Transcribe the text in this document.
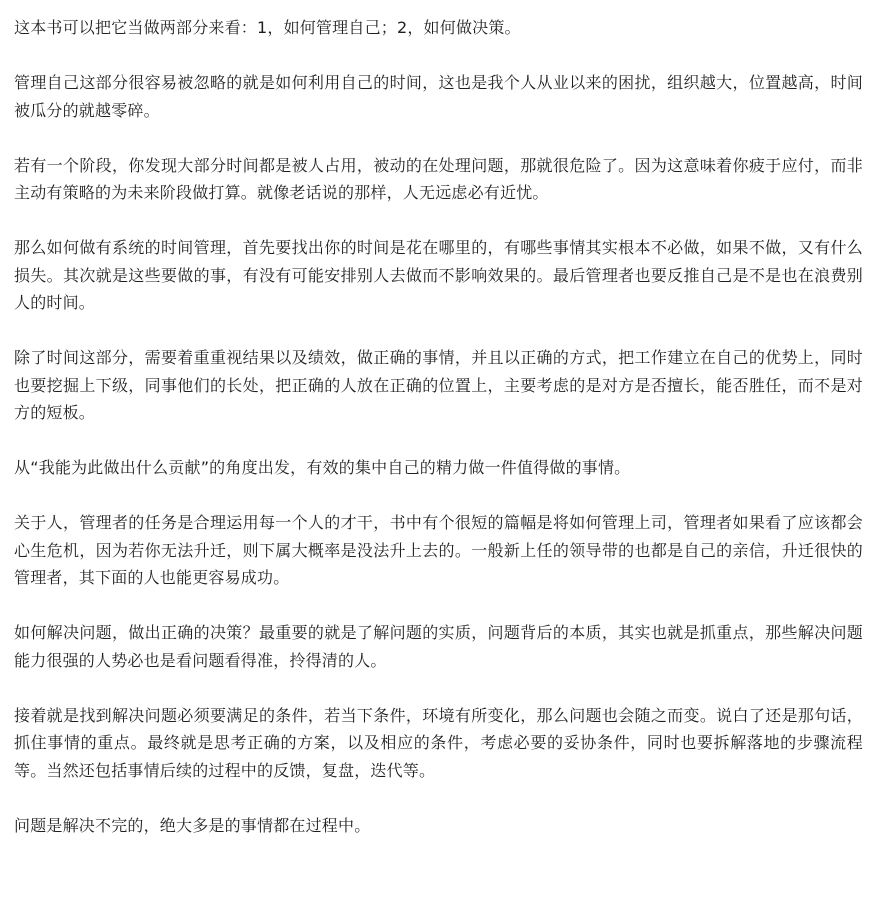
这本书可以把它当做两部分来看：1，如何管理自己；2，如何做决策。

管理自己这部分很容易被忽略的就是如何利用自己的时间，这也是我个人从业以来的困扰，组织越大，位置越高，时间被瓜分的就越零碎。

若有一个阶段，你发现大部分时间都是被人占用，被动的在处理问题，那就很危险了。因为这意味着你疲于应付，而非主动有策略的为未来阶段做打算。就像老话说的那样，人无远虑必有近忧。

那么如何做有系统的时间管理，首先要找出你的时间是花在哪里的，有哪些事情其实根本不必做，如果不做，又有什么损失。其次就是这些要做的事，有没有可能安排别人去做而不影响效果的。最后管理者也要反推自己是不是也在浪费别人的时间。

除了时间这部分，需要着重重视结果以及绩效，做正确的事情，并且以正确的方式，把工作建立在自己的优势上，同时也要挖掘上下级，同事他们的长处，把正确的人放在正确的位置上，主要考虑的是对方是否擅长，能否胜任，而不是对方的短板。

从“我能为此做出什么贡献”的角度出发，有效的集中自己的精力做一件值得做的事情。

关于人，管理者的任务是合理运用每一个人的才干，书中有个很短的篇幅是将如何管理上司，管理者如果看了应该都会心生危机，因为若你无法升迁，则下属大概率是没法升上去的。一般新上任的领导带的也都是自己的亲信，升迁很快的管理者，其下面的人也能更容易成功。

如何解决问题，做出正确的决策？最重要的就是了解问题的实质，问题背后的本质，其实也就是抓重点，那些解决问题能力很强的人势必也是看问题看得准，拎得清的人。

接着就是找到解决问题必须要满足的条件，若当下条件，环境有所变化，那么问题也会随之而变。说白了还是那句话，抓住事情的重点。最终就是思考正确的方案，以及相应的条件，考虑必要的妥协条件，同时也要拆解落地的步骤流程等。当然还包括事情后续的过程中的反馈，复盘，迭代等。

问题是解决不完的，绝大多是的事情都在过程中。
